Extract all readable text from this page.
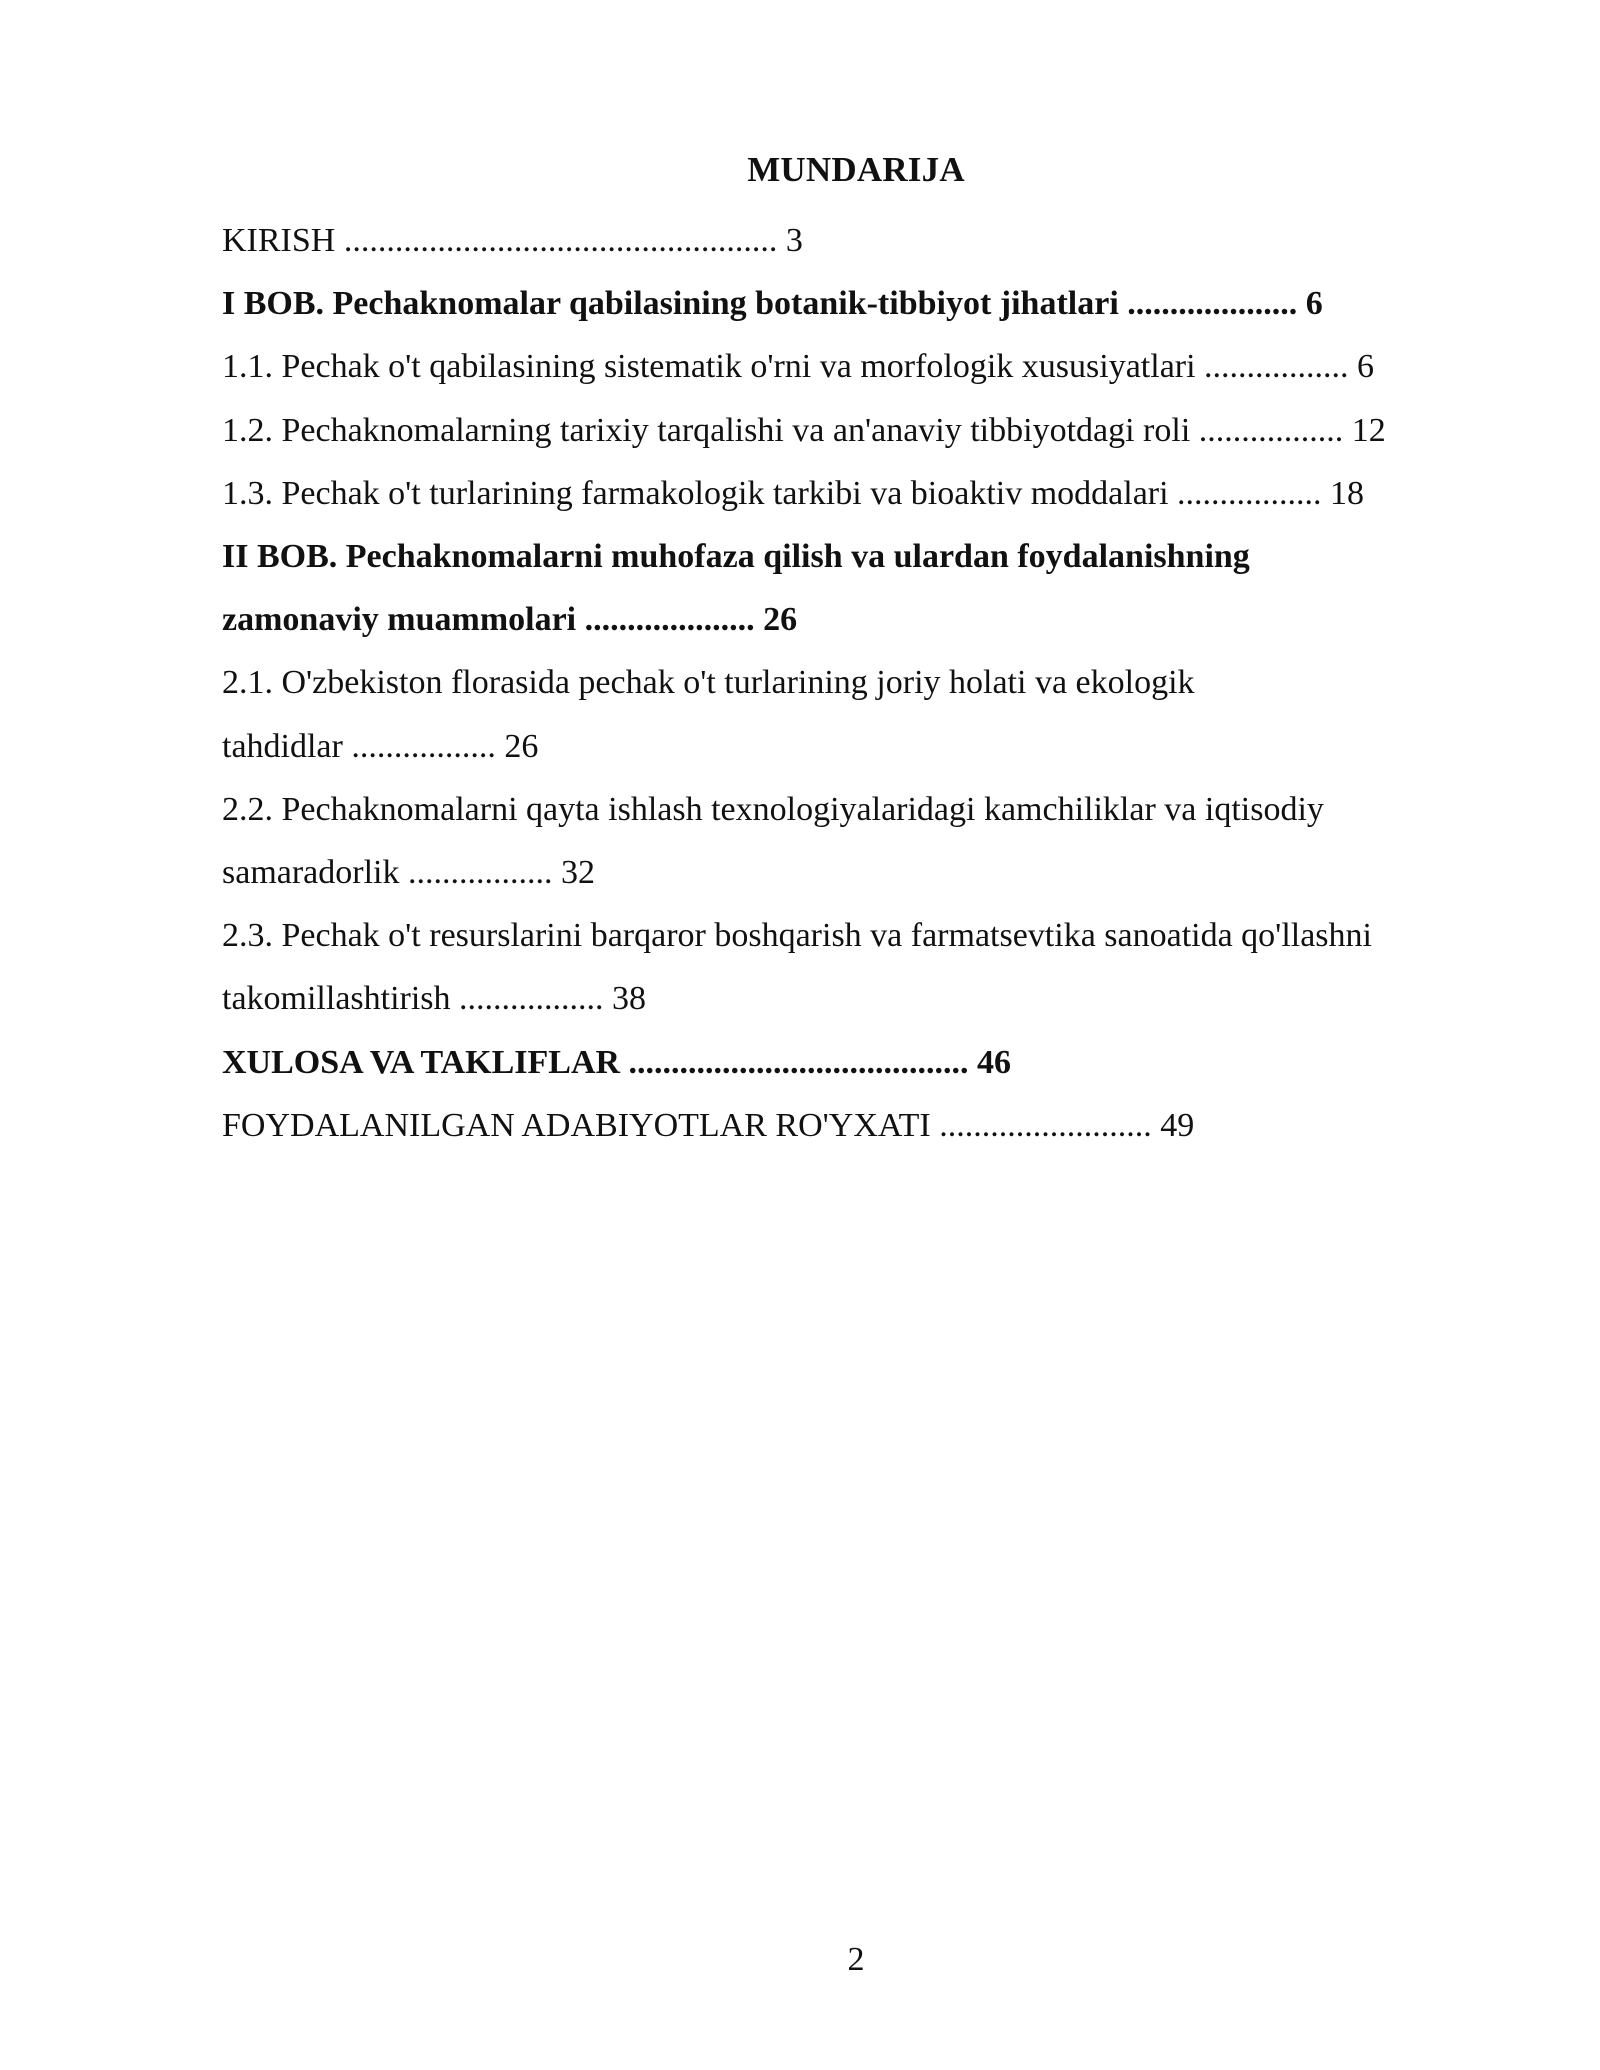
MUNDARIJA
KIRISH ................................................... 3
I BOB. Pechaknomalar qabilasining botanik-tibbiyot jihatlari .................... 6
1.1. Pechak o't qabilasining sistematik o'rni va morfologik xususiyatlari ................. 6
1.2. Pechaknomalarning tarixiy tarqalishi va an'anaviy tibbiyotdagi roli ................. 12
1.3. Pechak o't turlarining farmakologik tarkibi va bioaktiv moddalari ................. 18
II BOB. Pechaknomalarni muhofaza qilish va ulardan foydalanishning
zamonaviy muammolari .................... 26
2.1. O'zbekiston florasida pechak o't turlarining joriy holati va ekologik
tahdidlar ................. 26
2.2. Pechaknomalarni qayta ishlash texnologiyalaridagi kamchiliklar va iqtisodiy
samaradorlik ................. 32
2.3. Pechak o't resurslarini barqaror boshqarish va farmatsevtika sanoatida qo'llashni
takomillashtirish ................. 38
XULOSA VA TAKLIFLAR ........................................ 46
FOYDALANILGAN ADABIYOTLAR RO'YXATI ......................... 49
2
